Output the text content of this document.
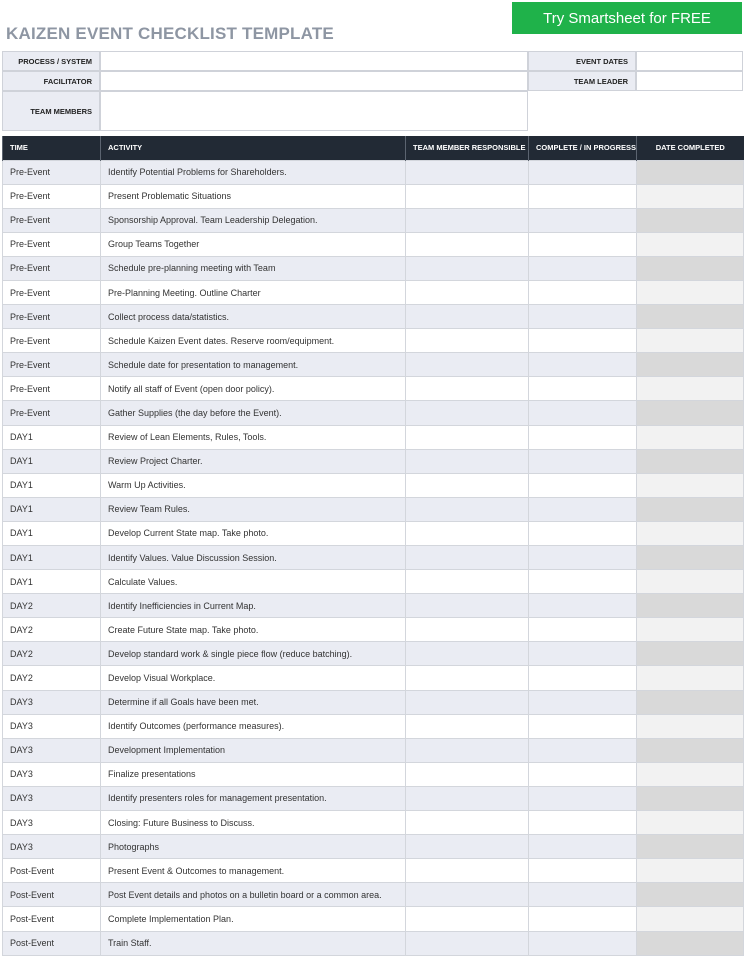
KAIZEN EVENT CHECKLIST TEMPLATE
Try Smartsheet for FREE
PROCESS / SYSTEM	EVENT DATES
FACILITATOR	TEAM LEADER
TEAM MEMBERS
TIME	ACTIVITY	TEAM MEMBER RESPONSIBLE	COMPLETE / IN PROGRESS	DATE COMPLETED
Pre-Event	Identify Potential Problems for Shareholders.			
Pre-Event	Present Problematic Situations			
Pre-Event	Sponsorship Approval. Team Leadership Delegation.			
Pre-Event	Group Teams Together			
Pre-Event	Schedule pre-planning meeting with Team			
Pre-Event	Pre-Planning Meeting. Outline Charter			
Pre-Event	Collect process data/statistics.			
Pre-Event	Schedule Kaizen Event dates. Reserve room/equipment.			
Pre-Event	Schedule date for presentation to management.			
Pre-Event	Notify all staff of Event (open door policy).			
Pre-Event	Gather Supplies (the day before the Event).			
DAY1	Review of Lean Elements, Rules, Tools.			
DAY1	Review Project Charter.			
DAY1	Warm Up Activities.			
DAY1	Review Team Rules.			
DAY1	Develop Current State map. Take photo.			
DAY1	Identify Values. Value Discussion Session.			
DAY1	Calculate Values.			
DAY2	Identify Inefficiencies in Current Map.			
DAY2	Create Future State map. Take photo.			
DAY2	Develop standard work & single piece flow (reduce batching).			
DAY2	Develop Visual Workplace.			
DAY3	Determine if all Goals have been met.			
DAY3	Identify Outcomes (performance measures).			
DAY3	Development Implementation			
DAY3	Finalize presentations			
DAY3	Identify presenters roles for management presentation.			
DAY3	Closing: Future Business to Discuss.			
DAY3	Photographs			
Post-Event	Present Event & Outcomes to management.			
Post-Event	Post Event details and photos on a bulletin board or a common area.			
Post-Event	Complete Implementation Plan.			
Post-Event	Train Staff.			
